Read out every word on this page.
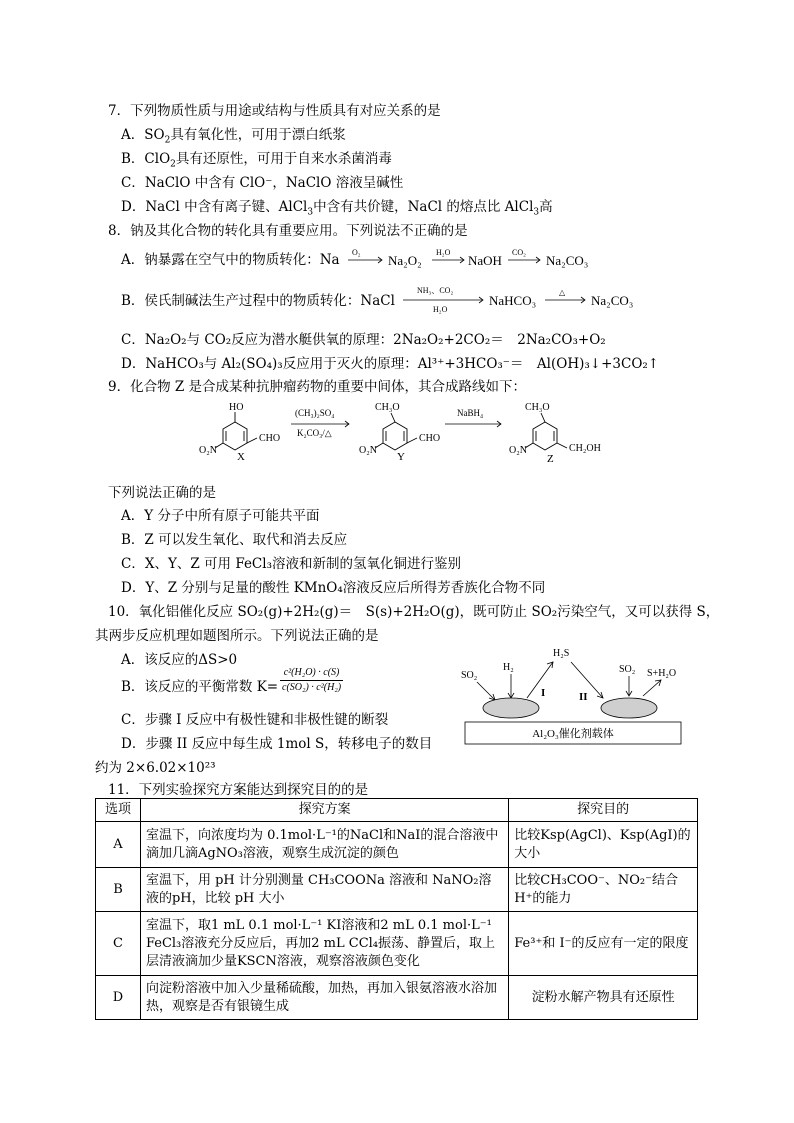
7．下列物质性质与用途或结构与性质具有对应关系的是
A．$SO_2$具有氧化性，可用于漂白纸浆
B．ClO$_2$具有还原性，可用于自来水杀菌消毒
C．NaClO 中含有 ClO⁻，NaClO 溶液呈碱性
D．NaCl 中含有离子键、AlCl$_3$中含有共价键，NaCl 的熔点比 AlCl$_3$高
8．钠及其化合物的转化具有重要应用。下列说法不正确的是
A．钠暴露在空气中的物质转化：Na O₂
Na₂O₂
H₂O
NaOH
CO₂
Na₂CO₃
B．侯氏制碱法生产过程中的物质转化：NaCl
NH₃、CO₂
H₂O
NaHCO₃
△
Na₂CO₃
C．Na₂O₂与 CO₂反应为潜水艇供氧的原理：2Na₂O₂+2CO₂＝　2Na₂CO₃+O₂
D．NaHCO₃与 Al₂(SO₄)₃反应用于灭火的原理：Al³⁺+3HCO₃⁻＝　Al(OH)₃↓+3CO₂↑
9．化合物 Z 是合成某种抗肿瘤药物的重要中间体，其合成路线如下：
HO
O₂N
CHO
X
(CH₃)₂SO₄
K₂CO₃/△
CH₃O
O₂N
CHO
Y
NaBH₄	CH₃O
O₂N	CH₂OH
Z
下列说法正确的是
A．Y 分子中所有原子可能共平面
B．Z 可以发生氧化、取代和消去反应
C．X、Y、Z 可用 FeCl₃溶液和新制的氢氧化铜进行鉴别
D．Y、Z 分别与足量的酸性 KMnO₄溶液反应后所得芳香族化合物不同
10．氧化铝催化反应 SO₂(g)+2H₂(g)＝　S(s)+2H₂O(g)，既可防止 SO₂污染空气，又可以获得 S，
其两步反应机理如题图所示。下列说法正确的是
A．该反应的ΔS>0
B．该反应的平衡常数 $K= \frac{\text{c²(H₂O) · c(S)}}{\text{c(SO₂) · c²(H₂)}}$
C．步骤 I 反应中有极性键和非极性键的断裂
D．步骤 II 反应中每生成 1mol S，转移电子的数目
约为 2×6.02×10²³
SO₂
H₂
H₂S
I	II
SO₂ S+H₂O
Al₂O₃催化剂载体
11．下列实验探究方案能达到探究目的的是
选项	探究方案	探究目的
A	室温下，向浓度均为 0.1mol·L⁻¹的NaCl和NaI的混合溶液中滴加几滴AgNO₃溶液，观察生成沉淀的颜色	比较Ksp(AgCl)、Ksp(AgI)的大小
B	室温下，用 pH 计分别测量 CH₃COONa 溶液和 NaNO₂溶液的pH，比较 pH 大小	比较CH₃COO⁻、NO₂⁻结合H⁺的能力
C	室温下，取1 mL 0.1 mol·L⁻¹ KI溶液和2 mL 0.1 mol·L⁻¹ FeCl₃溶液充分反应后，再加2 mL CCl₄振荡、静置后，取上层清液滴加少量KSCN溶液，观察溶液颜色变化	Fe³⁺和 I⁻的反应有一定的限度
D	向淀粉溶液中加入少量稀硫酸，加热，再加入银氨溶液水浴加热，观察是否有银镜生成	淀粉水解产物具有还原性
